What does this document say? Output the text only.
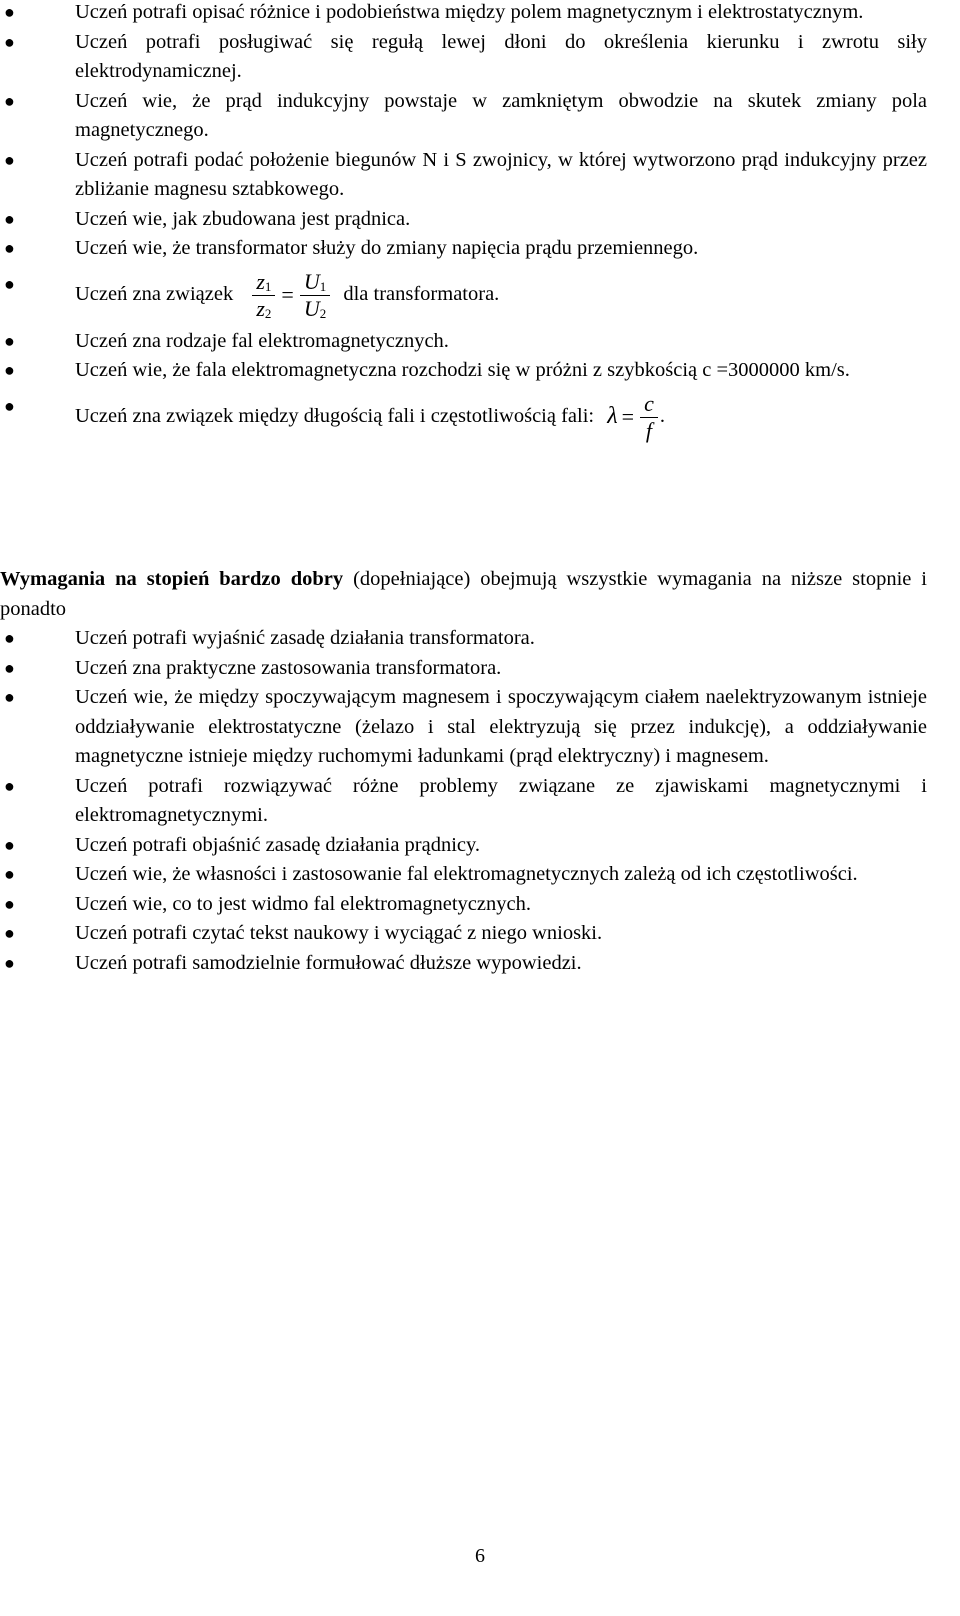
●	Uczeń potrafi opisać różnice i podobieństwa między polem magnetycznym i elektrostatycznym.
●	Uczeń potrafi posługiwać się regułą lewej dłoni do określenia kierunku i zwrotu siły elektrodynamicznej.
●	Uczeń wie, że prąd indukcyjny powstaje w zamkniętym obwodzie na skutek zmiany pola magnetycznego.
●	Uczeń potrafi podać położenie biegunów N i S zwojnicy, w której wytworzono prąd indukcyjny przez zbliżanie magnesu sztabkowego.
●	Uczeń wie, jak zbudowana jest prądnica.
●	Uczeń wie, że transformator służy do zmiany napięcia prądu przemiennego.
●	Uczeń zna związek $\frac{z_1}{z_2} = \frac{U_1}{U_2}$ dla transformatora.
●	Uczeń zna rodzaje fal elektromagnetycznych.
●	Uczeń wie, że fala elektromagnetyczna rozchodzi się w próżni z szybkością c =3000000 km/s.
●	Uczeń zna związek między długością fali i częstotliwością fali: $\lambda = \frac{c}{f}$ .
Wymagania na stopień bardzo dobry (dopełniające) obejmują wszystkie wymagania na niższe stopnie i ponadto
●	Uczeń potrafi wyjaśnić zasadę działania transformatora.
●	Uczeń zna praktyczne zastosowania transformatora.
●	Uczeń wie, że między spoczywającym magnesem i spoczywającym ciałem naelektryzowanym istnieje oddziaływanie elektrostatyczne (żelazo i stal elektryzują się przez indukcję), a oddziaływanie magnetyczne istnieje między ruchomymi ładunkami (prąd elektryczny) i magnesem.
●	Uczeń potrafi rozwiązywać różne problemy związane ze zjawiskami magnetycznymi i elektromagnetycznymi.
●	Uczeń potrafi objaśnić zasadę działania prądnicy.
●	Uczeń wie, że własności i zastosowanie fal elektromagnetycznych zależą od ich częstotliwości.
●	Uczeń wie, co to jest widmo fal elektromagnetycznych.
●	Uczeń potrafi czytać tekst naukowy i wyciągać z niego wnioski.
●	Uczeń potrafi samodzielnie formułować dłuższe wypowiedzi.
6
